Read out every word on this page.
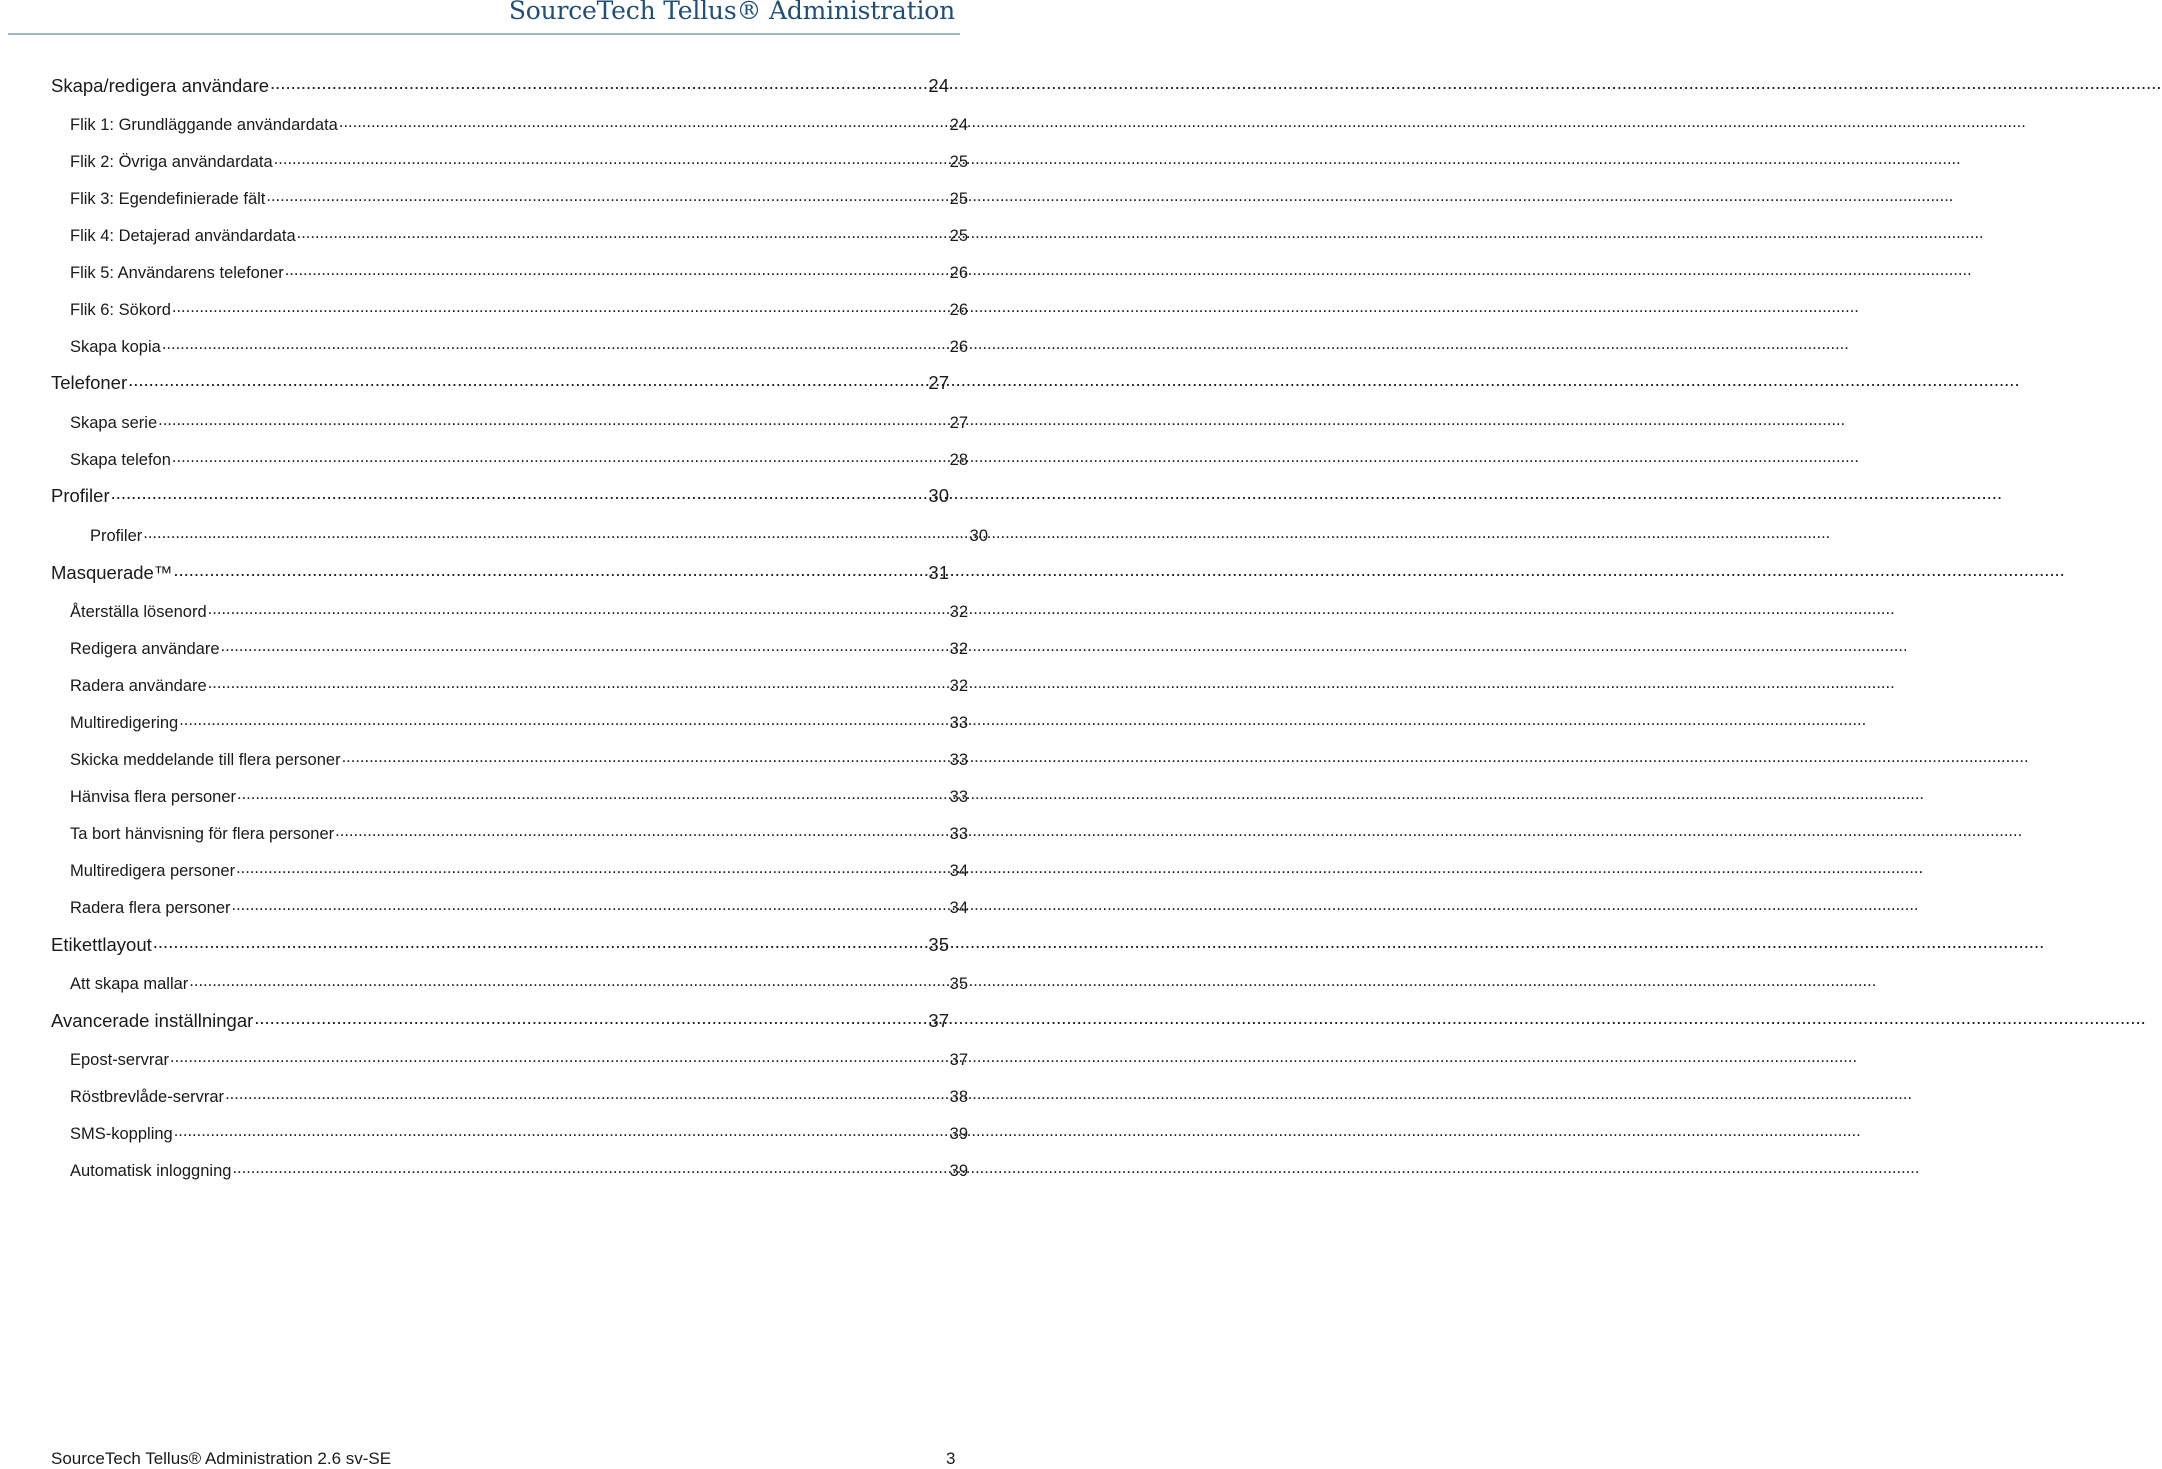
SourceTech Tellus® Administration
Skapa/redigera användare .....	24
Flik 1: Grundläggande användardata .....	24
Flik 2: Övriga användardata .....	25
Flik 3: Egendefinierade fält .....	25
Flik 4: Detajerad användardata .....	25
Flik 5: Användarens telefoner .....	26
Flik 6: Sökord .....	26
Skapa kopia .....	26
Telefoner .....	27
Skapa serie .....	27
Skapa telefon .....	28
Profiler .....	30
Profiler .....	30
Masquerade™ .....	31
Återställa lösenord .....	32
Redigera användare .....	32
Radera användare .....	32
Multiredigering .....	33
Skicka meddelande till flera personer .....	33
Hänvisa flera personer .....	33
Ta bort hänvisning för flera personer .....	33
Multiredigera personer .....	34
Radera flera personer .....	34
Etikettlayout .....	35
Att skapa mallar .....	35
Avancerade inställningar .....	37
Epost-servrar .....	37
Röstbrevlåde-servrar .....	38
SMS-koppling .....	39
Automatisk inloggning .....	39
SourceTech Tellus® Administration 2.6 sv-SE	3
